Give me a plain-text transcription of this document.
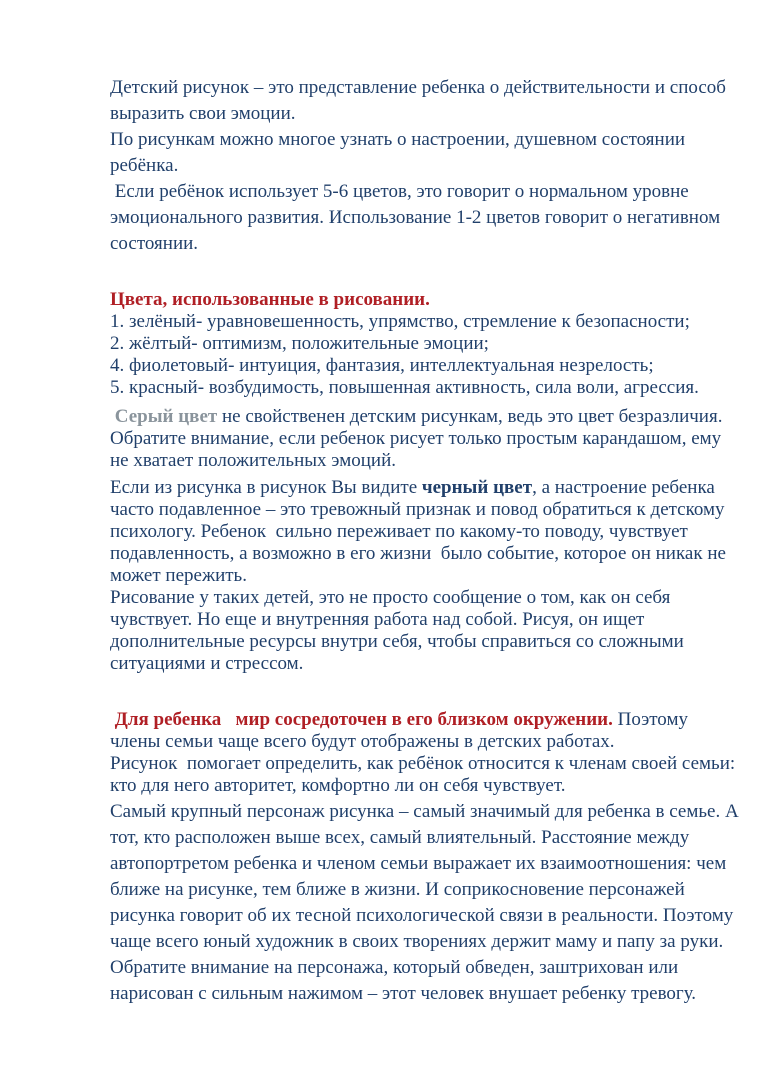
Детский рисунок – это представление ребенка о действительности и способ
выразить свои эмоции.
По рисункам можно многое узнать о настроении, душевном состоянии
ребёнка.
Если ребёнок использует 5-6 цветов, это говорит о нормальном уровне
эмоционального развития. Использование 1-2 цветов говорит о негативном
состоянии.
Цвета, использованные в рисовании.
1. зелёный- уравновешенность, упрямство, стремление к безопасности;
2. жёлтый- оптимизм, положительные эмоции;
4. фиолетовый- интуиция, фантазия, интеллектуальная незрелость;
5. красный- возбудимость, повышенная активность, сила воли, агрессия.
Серый цвет не свойственен детским рисункам, ведь это цвет безразличия.
Обратите внимание, если ребенок рисует только простым карандашом, ему
не хватает положительных эмоций.
Если из рисунка в рисунок Вы видите черный цвет, а настроение ребенка
часто подавленное – это тревожный признак и повод обратиться к детскому
психологу. Ребенок  сильно переживает по какому-то поводу, чувствует
подавленность, а возможно в его жизни  было событие, которое он никак не
может пережить.
Рисование у таких детей, это не просто сообщение о том, как он себя
чувствует. Но еще и внутренняя работа над собой. Рисуя, он ищет
дополнительные ресурсы внутри себя, чтобы справиться со сложными
ситуациями и стрессом.
Для ребенка   мир сосредоточен в его близком окружении. Поэтому
члены семьи чаще всего будут отображены в детских работах.
Рисунок  помогает определить, как ребёнок относится к членам своей семьи:
кто для него авторитет, комфортно ли он себя чувствует.
Самый крупный персонаж рисунка – самый значимый для ребенка в семье. А
тот, кто расположен выше всех, самый влиятельный. Расстояние между
автопортретом ребенка и членом семьи выражает их взаимоотношения: чем
ближе на рисунке, тем ближе в жизни. И соприкосновение персонажей
рисунка говорит об их тесной психологической связи в реальности. Поэтому
чаще всего юный художник в своих творениях держит маму и папу за руки.
Обратите внимание на персонажа, который обведен, заштрихован или
нарисован с сильным нажимом – этот человек внушает ребенку тревогу.
